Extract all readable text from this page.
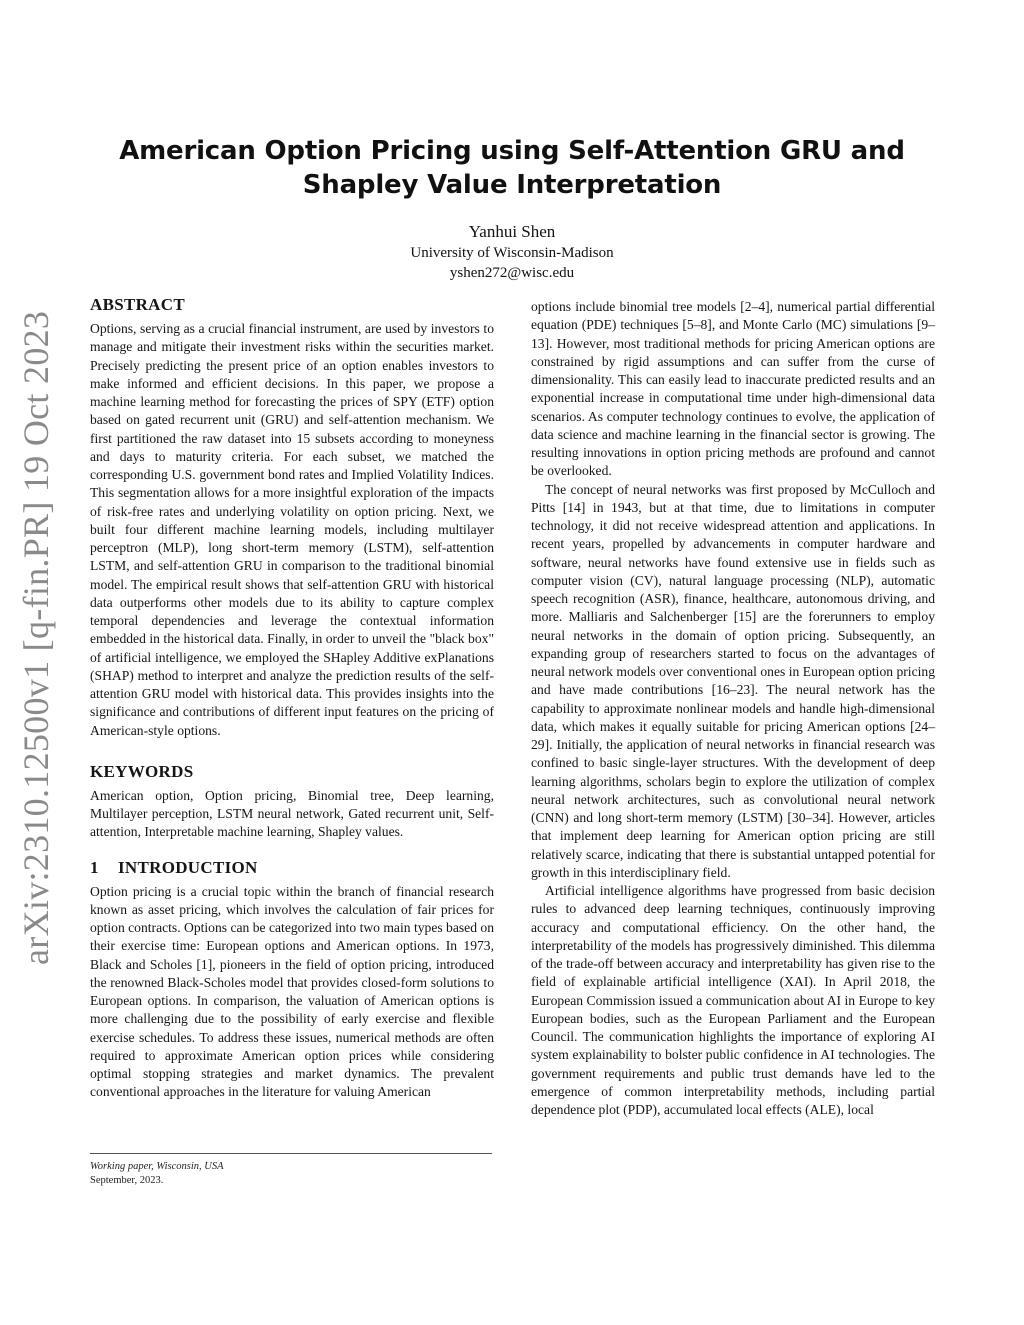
arXiv:2310.12500v1 [q-fin.PR] 19 Oct 2023
American Option Pricing using Self-Attention GRU and Shapley Value Interpretation
Yanhui Shen
University of Wisconsin-Madison
yshen272@wisc.edu
ABSTRACT

Options, serving as a crucial financial instrument, are used by investors to manage and mitigate their investment risks within the securities market. Precisely predicting the present price of an option enables investors to make informed and efficient decisions. In this paper, we propose a machine learning method for forecasting the prices of SPY (ETF) option based on gated recurrent unit (GRU) and self-attention mechanism. We first partitioned the raw dataset into 15 subsets according to moneyness and days to maturity criteria. For each subset, we matched the corresponding U.S. government bond rates and Implied Volatility Indices. This segmentation allows for a more insightful exploration of the impacts of risk-free rates and underlying volatility on option pricing. Next, we built four different machine learning models, including multilayer perceptron (MLP), long short-term memory (LSTM), self-attention LSTM, and self-attention GRU in comparison to the traditional binomial model. The empirical result shows that self-attention GRU with historical data outperforms other models due to its ability to capture complex temporal dependencies and leverage the contextual information embedded in the historical data. Finally, in order to unveil the "black box" of artificial intelligence, we employed the SHapley Additive exPlanations (SHAP) method to interpret and analyze the prediction results of the self-attention GRU model with historical data. This provides insights into the significance and contributions of different input features on the pricing of American-style options.

KEYWORDS

American option, Option pricing, Binomial tree, Deep learning, Multilayer perception, LSTM neural network, Gated recurrent unit, Self-attention, Interpretable machine learning, Shapley values.

1 INTRODUCTION

Option pricing is a crucial topic within the branch of financial research known as asset pricing, which involves the calculation of fair prices for option contracts. Options can be categorized into two main types based on their exercise time: European options and American options. In 1973, Black and Scholes [1], pioneers in the field of option pricing, introduced the renowned Black-Scholes model that provides closed-form solutions to European options. In comparison, the valuation of American options is more challenging due to the possibility of early exercise and flexible exercise schedules. To address these issues, numerical methods are often required to approximate American option prices while considering optimal stopping strategies and market dynamics. The prevalent conventional approaches in the literature for valuing American

options include binomial tree models [2–4], numerical partial differential equation (PDE) techniques [5–8], and Monte Carlo (MC) simulations [9–13]. However, most traditional methods for pricing American options are constrained by rigid assumptions and can suffer from the curse of dimensionality. This can easily lead to inaccurate predicted results and an exponential increase in computational time under high-dimensional data scenarios. As computer technology continues to evolve, the application of data science and machine learning in the financial sector is growing. The resulting innovations in option pricing methods are profound and cannot be overlooked.

The concept of neural networks was first proposed by McCulloch and Pitts [14] in 1943, but at that time, due to limitations in computer technology, it did not receive widespread attention and applications. In recent years, propelled by advancements in computer hardware and software, neural networks have found extensive use in fields such as computer vision (CV), natural language processing (NLP), automatic speech recognition (ASR), finance, healthcare, autonomous driving, and more. Malliaris and Salchenberger [15] are the forerunners to employ neural networks in the domain of option pricing. Subsequently, an expanding group of researchers started to focus on the advantages of neural network models over conventional ones in European option pricing and have made contributions [16–23]. The neural network has the capability to approximate nonlinear models and handle high-dimensional data, which makes it equally suitable for pricing American options [24–29]. Initially, the application of neural networks in financial research was confined to basic single-layer structures. With the development of deep learning algorithms, scholars begin to explore the utilization of complex neural network architectures, such as convolutional neural network (CNN) and long short-term memory (LSTM) [30–34]. However, articles that implement deep learning for American option pricing are still relatively scarce, indicating that there is substantial untapped potential for growth in this interdisciplinary field.

Artificial intelligence algorithms have progressed from basic decision rules to advanced deep learning techniques, continuously improving accuracy and computational efficiency. On the other hand, the interpretability of the models has progressively diminished. This dilemma of the trade-off between accuracy and interpretability has given rise to the field of explainable artificial intelligence (XAI). In April 2018, the European Commission issued a communication about AI in Europe to key European bodies, such as the European Parliament and the European Council. The communication highlights the importance of exploring AI system explainability to bolster public confidence in AI technologies. The government requirements and public trust demands have led to the emergence of common interpretability methods, including partial dependence plot (PDP), accumulated local effects (ALE), local

Working paper, Wisconsin, USA
September, 2023.
